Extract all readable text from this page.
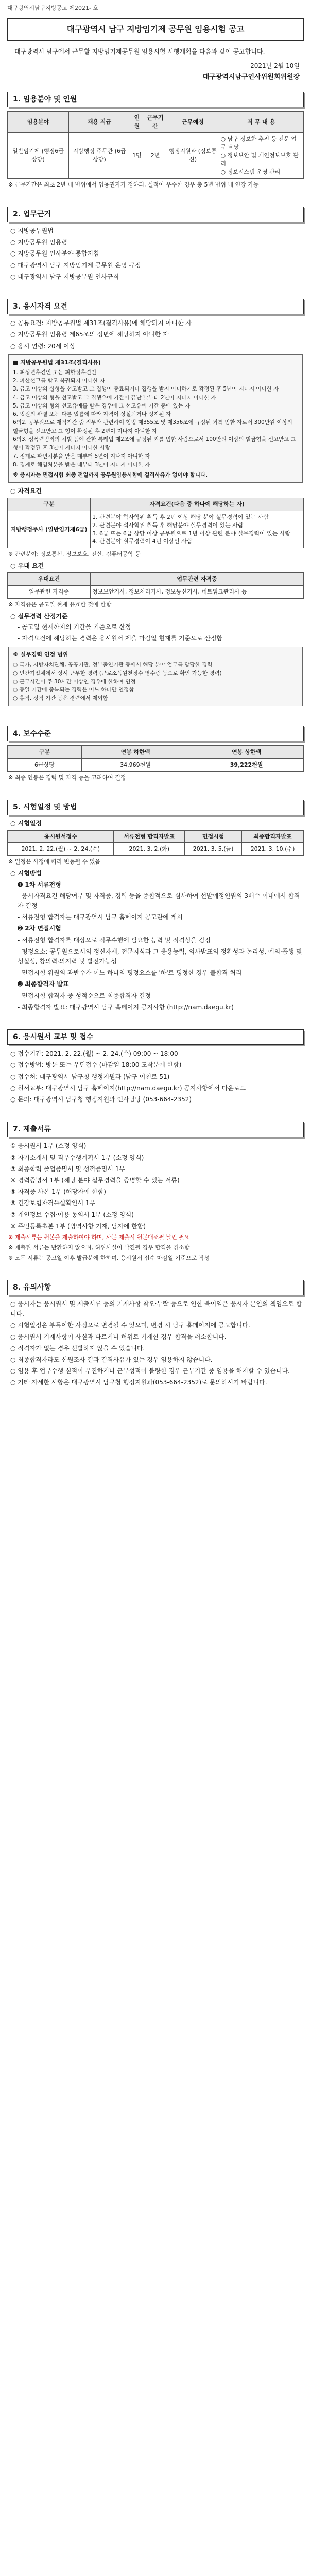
대구광역시남구지방공고 제2021- 호
대구광역시 남구 지방임기제 공무원 임용시험 공고
대구광역시 남구에서 근무할 지방임기제공무원 임용시험 시행계획을 다음과 같이 공고합니다.
2021년 2월 10일
대구광역시남구인사위원회위원장
1. 임용분야 및 인원
임용분야	채용 직급	인원	근무기간	근무예정	직 무 내 용
일반임기제 (행정6급 상당)	지방행정 주무관 (6급상당)	1명	2년	행정지원과 (정보통신)	○ 남구 정보화 추진 등 전문 업무 담당
○ 정보보안 및 개인정보보호 관리
○ 정보시스템 운영 관리
※ 근무기간은 최초 2년 내 범위에서 임용권자가 정하되, 실적이 우수한 경우 총 5년 범위 내 연장 가능
2. 업무근거
○ 지방공무원법
○ 지방공무원 임용령
○ 지방공무원 인사분야 통합지침
○ 대구광역시 남구 지방임기제 공무원 운영 규정
○ 대구광역시 남구 지방공무원 인사규칙
3. 응시자격 요건
○ 공통요건: 지방공무원법 제31조(결격사유)에 해당되지 아니한 자
○ 지방공무원 임용령 제65조의 정년에 해당하지 아니한 자
○ 응시 연령: 20세 이상
■ 지방공무원법 제31조(결격사유)
1. 피성년후견인 또는 피한정후견인
2. 파산선고를 받고 복권되지 아니한 자
3. 금고 이상의 실형을 선고받고 그 집행이 종료되거나 집행을 받지 아니하기로 확정된 후 5년이 지나지 아니한 자
4. 금고 이상의 형을 선고받고 그 집행유예 기간이 끝난 날부터 2년이 지나지 아니한 자
5. 금고 이상의 형의 선고유예를 받은 경우에 그 선고유예 기간 중에 있는 자
6. 법원의 판결 또는 다른 법률에 따라 자격이 상실되거나 정지된 자
6의2. 공무원으로 재직기간 중 직무와 관련하여 형법 제355조 및 제356조에 규정된 죄를 범한 자로서 300만원 이상의 벌금형을 선고받고 그 형이 확정된 후 2년이 지나지 아니한 자
6의3. 성폭력범죄의 처벌 등에 관한 특례법 제2조에 규정된 죄를 범한 사람으로서 100만원 이상의 벌금형을 선고받고 그 형이 확정된 후 3년이 지나지 아니한 사람
7. 징계로 파면처분을 받은 때부터 5년이 지나지 아니한 자
8. 징계로 해임처분을 받은 때부터 3년이 지나지 아니한 자
※ 응시자는 면접시험 최종 전일까지 공무원임용시험에 결격사유가 없어야 합니다.
○ 자격요건
구분	자격요건(다음 중 하나에 해당하는 자)
지방행정주사 (일반임기제6급)	1. 관련분야 학사학위 취득 후 2년 이상 해당 분야 실무경력이 있는 사람
2. 관련분야 석사학위 취득 후 해당분야 실무경력이 있는 사람
3. 6급 또는 6급 상당 이상 공무원으로 1년 이상 관련 분야 실무경력이 있는 사람
4. 관련분야 실무경력이 4년 이상인 사람
※ 관련분야: 정보통신, 정보보호, 전산, 컴퓨터공학 등
○ 우대 요건
우대요건	업무관련 자격증
업무관련 자격증	정보보안기사, 정보처리기사, 정보통신기사, 네트워크관리사 등
※ 자격증은 공고일 현재 유효한 것에 한함
○ 실무경력 산정기준
- 공고일 현재까지의 기간을 기준으로 산정
- 자격요건에 해당하는 경력은 응시원서 제출 마감일 현재를 기준으로 산정함
※ 실무경력 인정 범위
○ 국가, 지방자치단체, 공공기관, 정부출연기관 등에서 해당 분야 업무를 담당한 경력
○ 민간기업체에서 상시 근무한 경력 (근로소득원천징수 영수증 등으로 확인 가능한 경력)
○ 근무시간이 주 30시간 이상인 경우에 한하여 인정
○ 동일 기간에 중복되는 경력은 어느 하나만 인정함
○ 휴직, 정직 기간 등은 경력에서 제외함
4. 보수수준
구분	연봉 하한액	연봉 상한액
6급상당	34,969천원	39,222천원
※ 최종 연봉은 경력 및 자격 등을 고려하여 결정
5. 시험일정 및 방법
○ 시험일정
응시원서접수	서류전형 합격자발표	면접시험	최종합격자발표
2021. 2. 22.(월) ~ 2. 24.(수)	2021. 3. 2.(화)	2021. 3. 5.(금)	2021. 3. 10.(수)
※ 일정은 사정에 따라 변동될 수 있음
○ 시험방법
➊ 1차 서류전형
- 응시자격요건 해당여부 및 자격증, 경력 등을 종합적으로 심사하여 선발예정인원의 3배수 이내에서 합격자 결정
- 서류전형 합격자는 대구광역시 남구 홈페이지 공고란에 게시
➋ 2차 면접시험
- 서류전형 합격자를 대상으로 직무수행에 필요한 능력 및 적격성을 검정
- 평정요소: 공무원으로서의 정신자세, 전문지식과 그 응용능력, 의사발표의 정확성과 논리성, 예의·품행 및 성실성, 창의력·의지력 및 발전가능성
- 면접시험 위원의 과반수가 어느 하나의 평정요소를 '하'로 평정한 경우 불합격 처리
➌ 최종합격자 발표
- 면접시험 합격자 중 성적순으로 최종합격자 결정
- 최종합격자 발표: 대구광역시 남구 홈페이지 공지사항 (http://nam.daegu.kr)
6. 응시원서 교부 및 접수
○ 접수기간: 2021. 2. 22.(월) ~ 2. 24.(수) 09:00 ~ 18:00
○ 접수방법: 방문 또는 우편접수 (마감일 18:00 도착분에 한함)
○ 접수처: 대구광역시 남구청 행정지원과 (남구 이천로 51)
○ 원서교부: 대구광역시 남구 홈페이지(http://nam.daegu.kr) 공지사항에서 다운로드
○ 문의: 대구광역시 남구청 행정지원과 인사담당 (053-664-2352)
7. 제출서류
① 응시원서 1부 (소정 양식)
② 자기소개서 및 직무수행계획서 1부 (소정 양식)
③ 최종학력 졸업증명서 및 성적증명서 1부
④ 경력증명서 1부 (해당 분야 실무경력을 증명할 수 있는 서류)
⑤ 자격증 사본 1부 (해당자에 한함)
⑥ 건강보험자격득실확인서 1부
⑦ 개인정보 수집·이용 동의서 1부 (소정 양식)
⑧ 주민등록초본 1부 (병역사항 기재, 남자에 한함)
※ 제출서류는 원본을 제출하여야 하며, 사본 제출시 원본대조필 날인 필요
※ 제출된 서류는 반환하지 않으며, 허위사실이 발견될 경우 합격을 취소함
※ 모든 서류는 공고일 이후 발급분에 한하며, 응시원서 접수 마감일 기준으로 작성
8. 유의사항
○ 응시자는 응시원서 및 제출서류 등의 기재사항 착오·누락 등으로 인한 불이익은 응시자 본인의 책임으로 합니다.
○ 시험일정은 부득이한 사정으로 변경될 수 있으며, 변경 시 남구 홈페이지에 공고합니다.
○ 응시원서 기재사항이 사실과 다르거나 허위로 기재한 경우 합격을 취소합니다.
○ 적격자가 없는 경우 선발하지 않을 수 있습니다.
○ 최종합격자라도 신원조사 결과 결격사유가 있는 경우 임용하지 않습니다.
○ 임용 후 업무수행 실적이 부진하거나 근무성적이 불량한 경우 근무기간 중 임용을 해지할 수 있습니다.
○ 기타 자세한 사항은 대구광역시 남구청 행정지원과(053-664-2352)로 문의하시기 바랍니다.
